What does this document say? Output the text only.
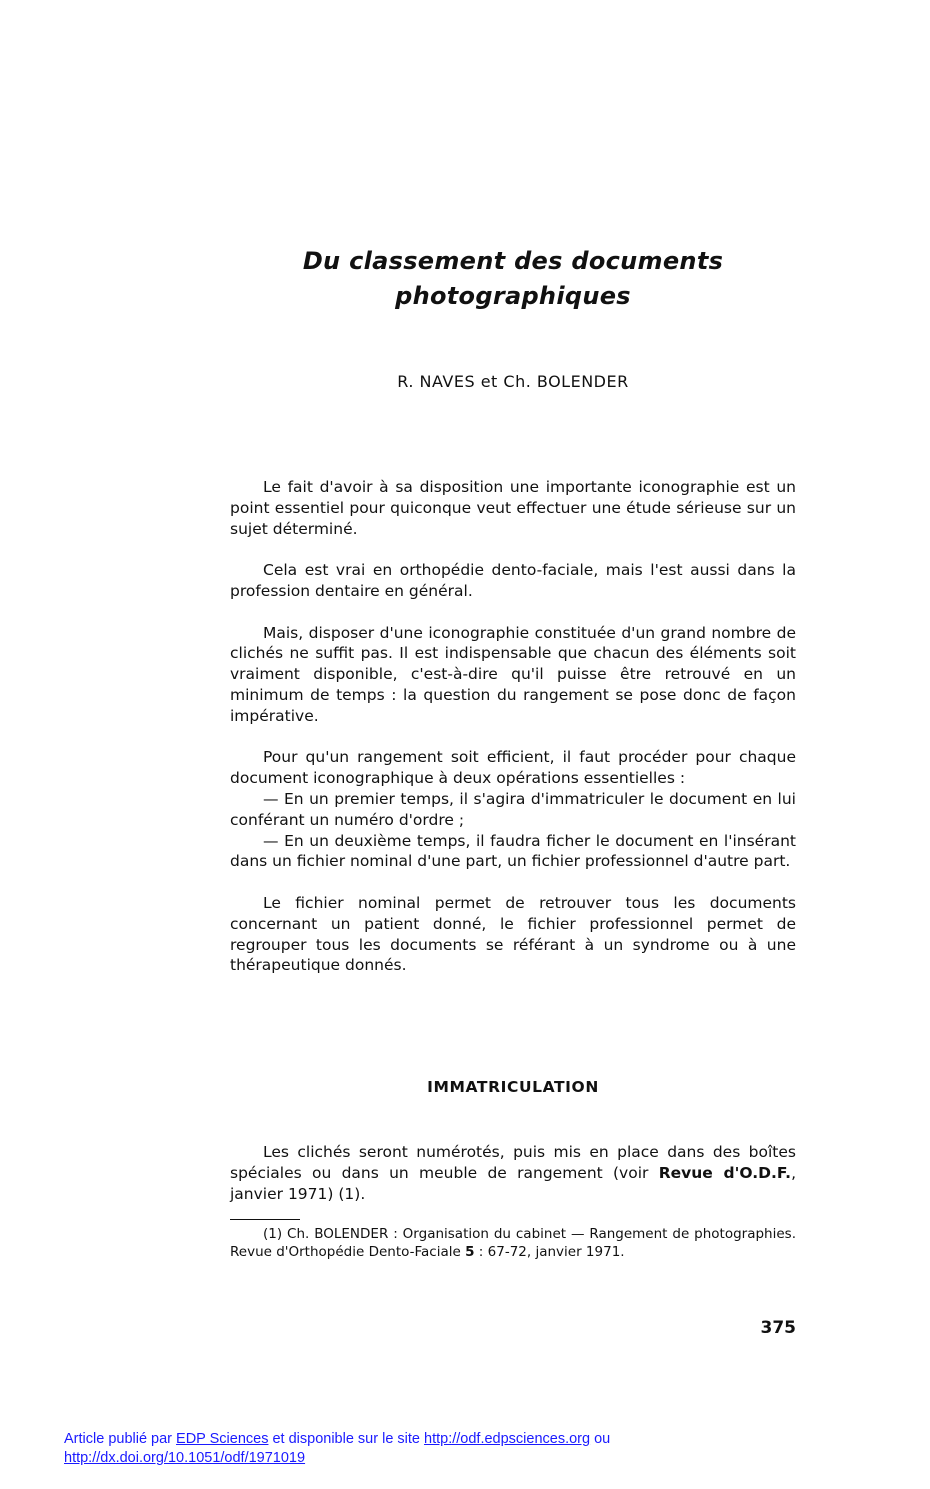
Du classement des documents
photographiques
R. NAVES et Ch. BOLENDER

Le fait d'avoir à sa disposition une importante iconographie est un point essentiel pour quiconque veut effectuer une étude sérieuse sur un sujet déterminé.

Cela est vrai en orthopédie dento-faciale, mais l'est aussi dans la profession dentaire en général.

Mais, disposer d'une iconographie constituée d'un grand nombre de clichés ne suffit pas. Il est indispensable que chacun des éléments soit vraiment disponible, c'est-à-dire qu'il puisse être retrouvé en un minimum de temps : la question du rangement se pose donc de façon impérative.

Pour qu'un rangement soit efficient, il faut procéder pour chaque document iconographique à deux opérations essentielles :

— En un premier temps, il s'agira d'immatriculer le document en lui conférant un numéro d'ordre ;

— En un deuxième temps, il faudra ficher le document en l'insérant dans un fichier nominal d'une part, un fichier professionnel d'autre part.

Le fichier nominal permet de retrouver tous les documents concernant un patient donné, le fichier professionnel permet de regrouper tous les documents se référant à un syndrome ou à une thérapeutique donnés.

IMMATRICULATION

Les clichés seront numérotés, puis mis en place dans des boîtes spéciales ou dans un meuble de rangement (voir Revue d'O.D.F., janvier 1971) (1).

(1) Ch. BOLENDER : Organisation du cabinet — Rangement de photographies. Revue d'Orthopédie Dento-Faciale 5 : 67-72, janvier 1971.

375
Article publié par EDP Sciences et disponible sur le site http://odf.edpsciences.org ou
http://dx.doi.org/10.1051/odf/1971019
